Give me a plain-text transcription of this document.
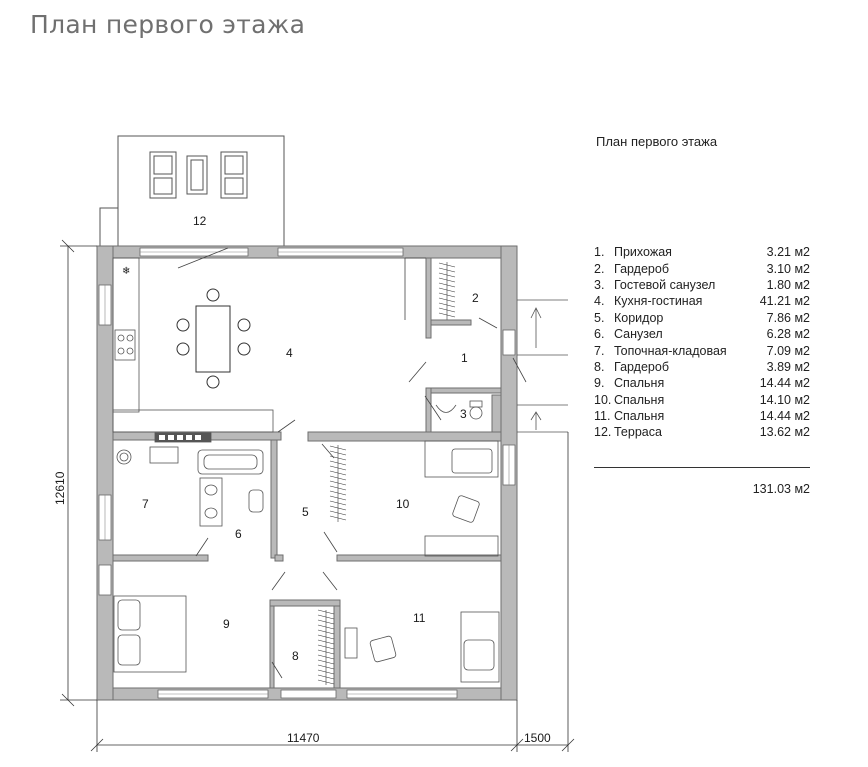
План первого этажа
❄
1
2
3
4
5
6
7
8
9
10
11
12
11470	1500
12610
План первого этажа
1. Прихожая	3.21 м2
2. Гардероб	3.10 м2
3. Гостевой санузел	1.80 м2
4. Кухня-гостиная	41.21 м2
5. Коридор	7.86 м2
6. Санузел	6.28 м2
7. Топочная-кладовая	7.09 м2
8. Гардероб	3.89 м2
9. Спальня	14.44 м2
10. Спальня	14.10 м2
11. Спальня	14.44 м2
12. Терраса	13.62 м2
131.03 м2
